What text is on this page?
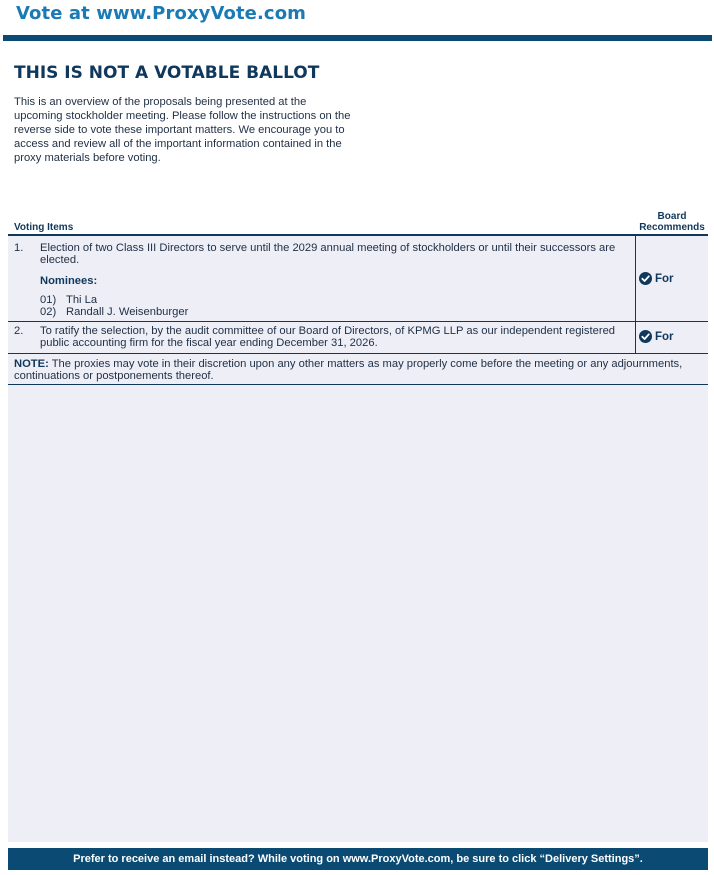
Vote at www.ProxyVote.com
THIS IS NOT A VOTABLE BALLOT

This is an overview of the proposals being presented at the upcoming stockholder meeting. Please follow the instructions on the reverse side to vote these important matters. We encourage you to access and review all of the important information contained in the proxy materials before voting.

Voting Items
Board
Recommends
1. Election of two Class III Directors to serve until the 2029 annual meeting of stockholders or until their successors are elected.
Nominees:
01) Thi La
02) Randall J. Weisenburger
For
2. To ratify the selection, by the audit committee of our Board of Directors, of KPMG LLP as our independent registered public accounting firm for the fiscal year ending December 31, 2026.
For

NOTE: The proxies may vote in their discretion upon any other matters as may properly come before the meeting or any adjournments, continuations or postponements thereof.

Prefer to receive an email instead? While voting on www.ProxyVote.com, be sure to click “Delivery Settings”.
